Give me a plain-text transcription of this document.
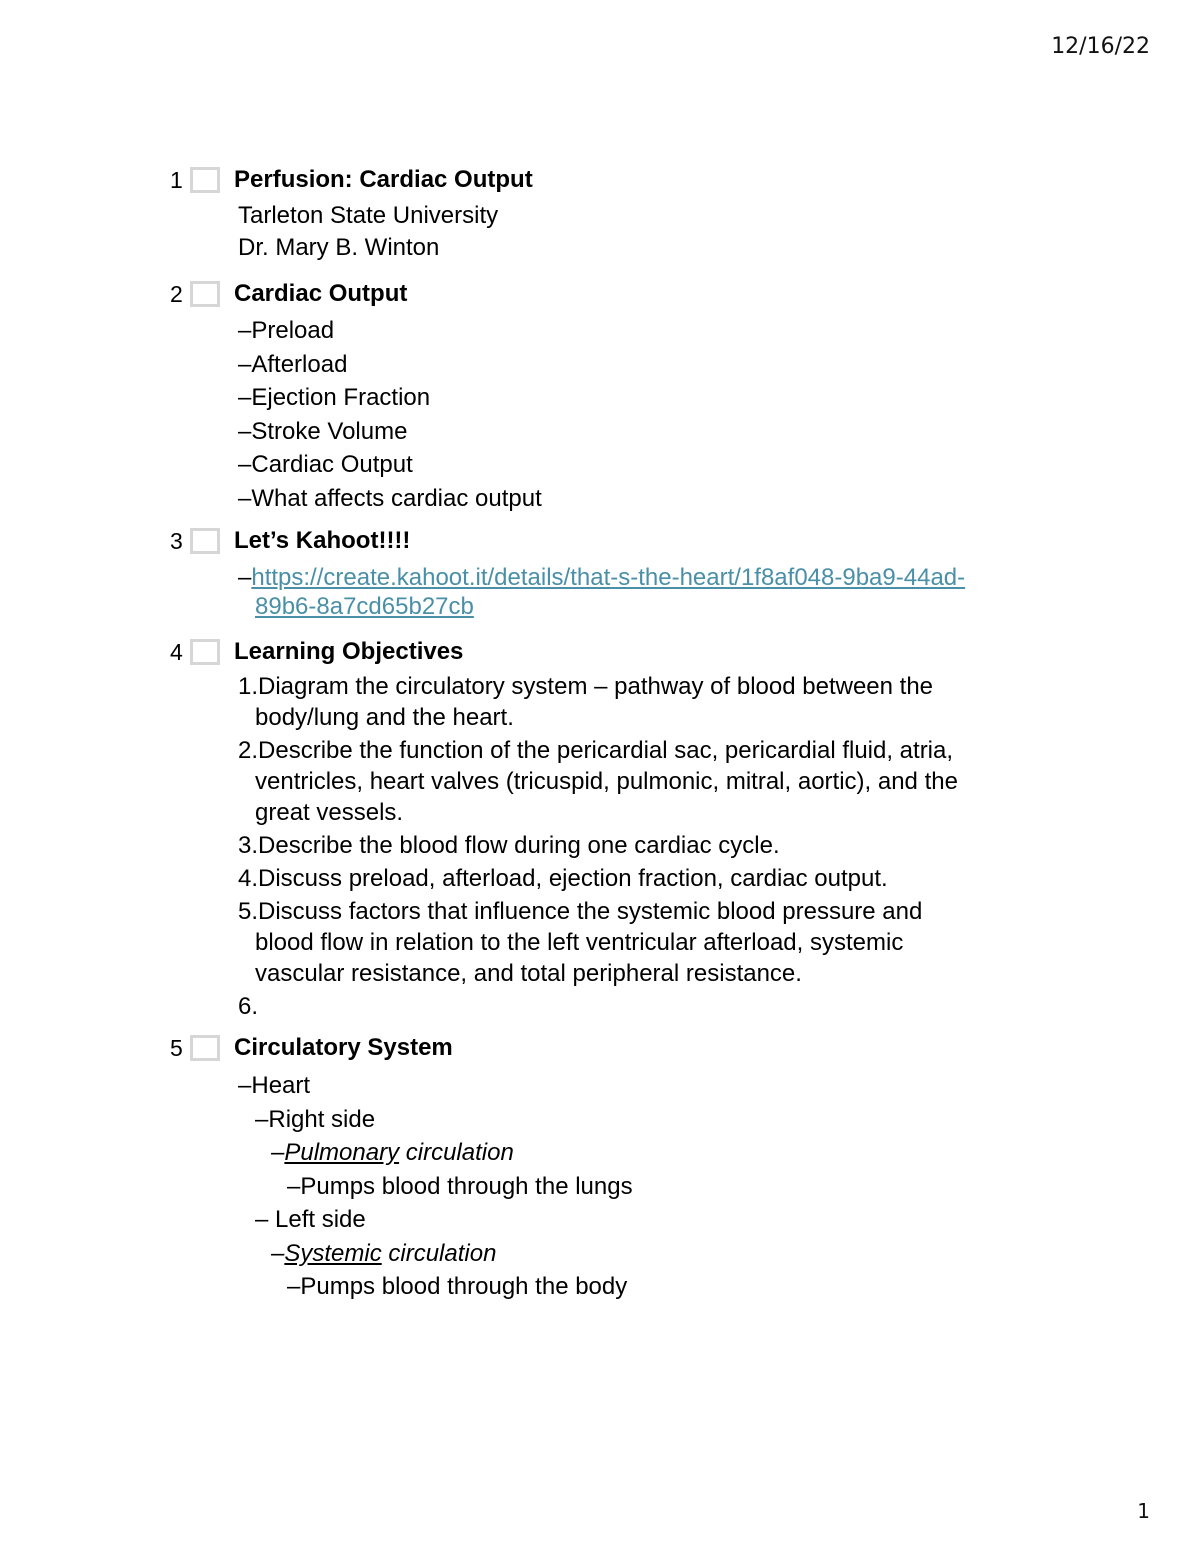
12/16/22
1	Perfusion: Cardiac Output
Tarleton State University
Dr. Mary B. Winton
2	Cardiac Output
–Preload
–Afterload
–Ejection Fraction
–Stroke Volume
–Cardiac Output
–What affects cardiac output
3	Let’s Kahoot!!!!
–https://create.kahoot.it/details/that-s-the-heart/1f8af048-9ba9-44ad-
89b6-8a7cd65b27cb
4	Learning Objectives
1.Diagram the circulatory system – pathway of blood between the
body/lung and the heart.
2.Describe the function of the pericardial sac, pericardial fluid, atria,
ventricles, heart valves (tricuspid, pulmonic, mitral, aortic), and the
great vessels.
3.Describe the blood flow during one cardiac cycle.
4.Discuss preload, afterload, ejection fraction, cardiac output.
5.Discuss factors that influence the systemic blood pressure and
blood flow in relation to the left ventricular afterload, systemic
vascular resistance, and total peripheral resistance.
6.
5	Circulatory System
–Heart
–Right side
–Pulmonary circulation
–Pumps blood through the lungs
– Left side
–Systemic circulation
–Pumps blood through the body
1
